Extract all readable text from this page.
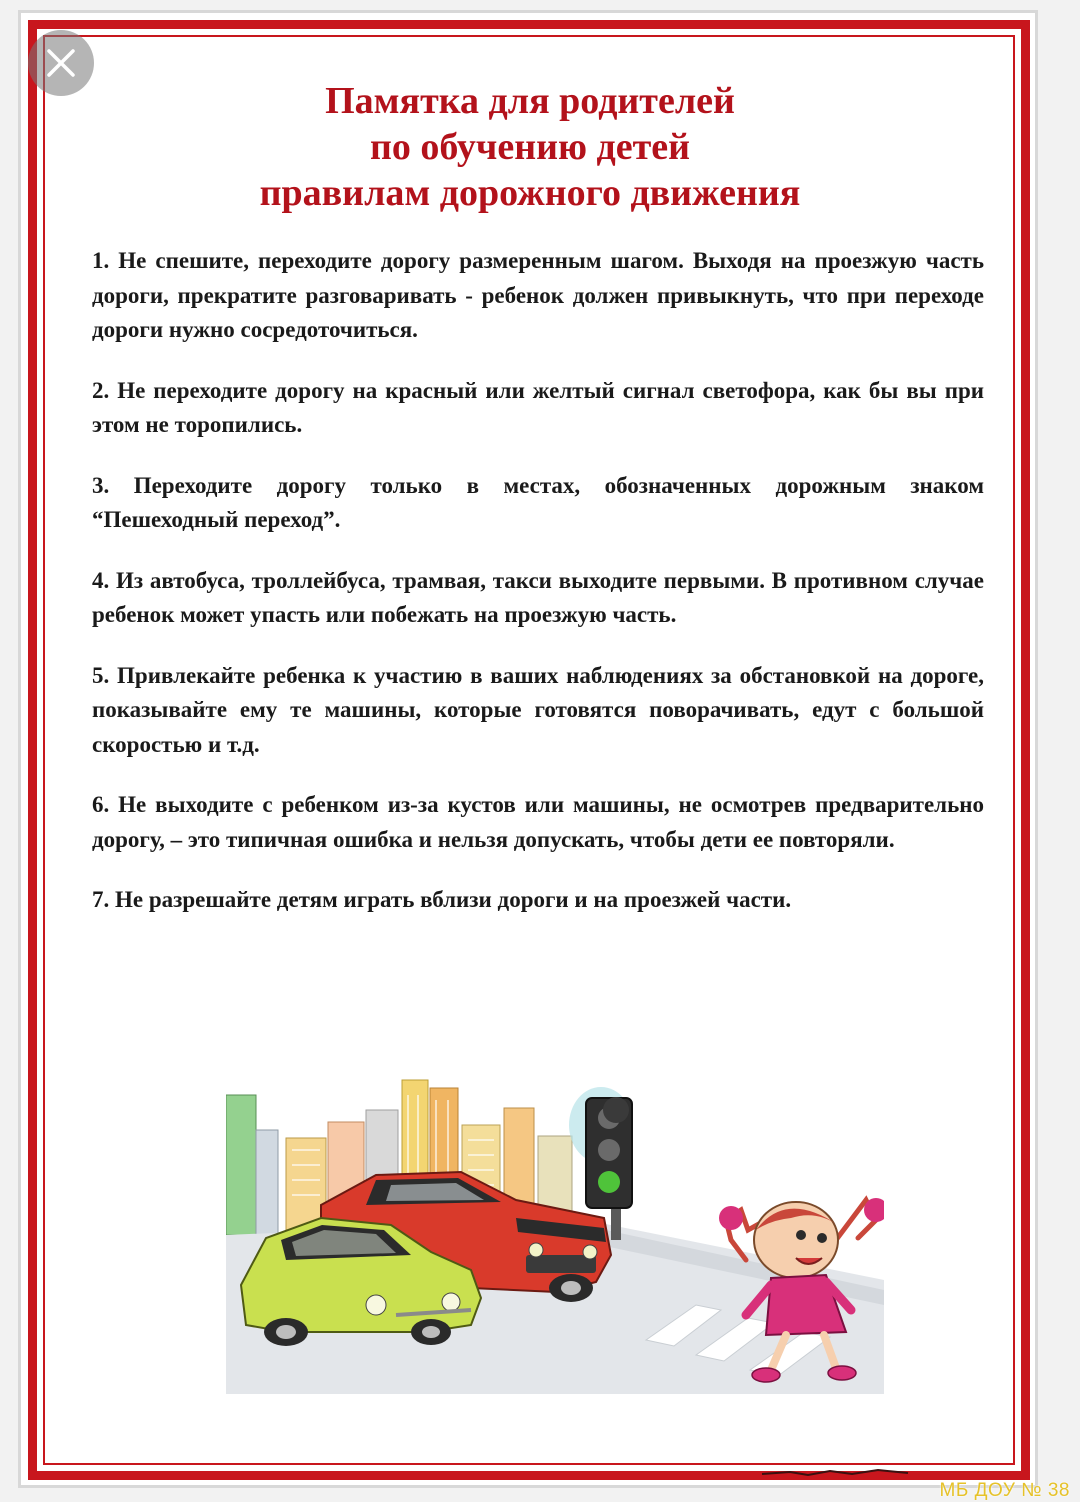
Памятка для родителей
по обучению детей
правилам дорожного движения
1. Не спешите, переходите дорогу размеренным шагом. Выходя на проезжую часть дороги, прекратите разговаривать - ребенок должен привыкнуть, что при переходе дороги нужно сосредоточиться.
2. Не переходите дорогу на красный или желтый сигнал светофора, как бы вы при этом не торопились.
3. Переходите дорогу только в местах, обозначенных дорожным знаком “Пешеходный переход”.
4. Из автобуса, троллейбуса, трамвая, такси выходите первыми. В противном случае ребенок может упасть или побежать на проезжую часть.
5. Привлекайте ребенка к участию в ваших наблюдениях за обстановкой на дороге, показывайте ему те машины, которые готовятся поворачивать, едут с большой скоростью и т.д.
6. Не выходите с ребенком из-за кустов или машины, не осмотрев предварительно дорогу, – это типичная ошибка и нельзя допускать, чтобы дети ее повторяли.
7. Не разрешайте детям играть вблизи дороги и на проезжей части.
МБ ДОУ № 38
